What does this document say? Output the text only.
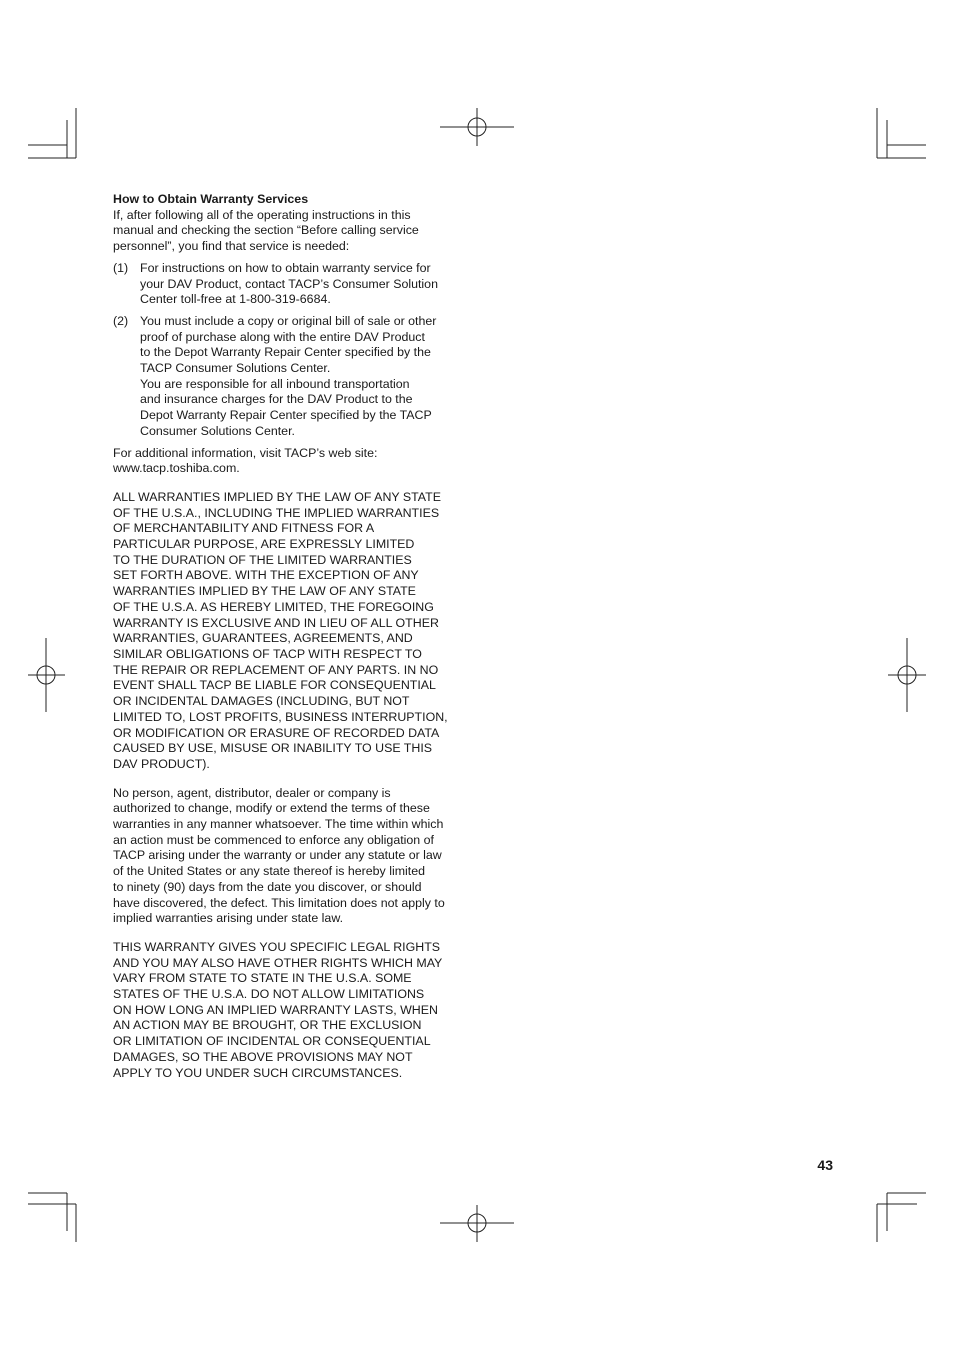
How to Obtain Warranty Services

If, after following all of the operating instructions in this
manual and checking the section “Before calling service
personnel”, you find that service is needed:

(1) For instructions on how to obtain warranty service for
your DAV Product, contact TACP’s Consumer Solution
Center toll-free at 1-800-319-6684.

(2) You must include a copy or original bill of sale or other
proof of purchase along with the entire DAV Product
to the Depot Warranty Repair Center specified by the
TACP Consumer Solutions Center.

You are responsible for all inbound transportation
and insurance charges for the DAV Product to the
Depot Warranty Repair Center specified by the TACP
Consumer Solutions Center.

For additional information, visit TACP’s web site:
www.tacp.toshiba.com.

ALL WARRANTIES IMPLIED BY THE LAW OF ANY STATE
OF THE U.S.A., INCLUDING THE IMPLIED WARRANTIES
OF MERCHANTABILITY AND FITNESS FOR A
PARTICULAR PURPOSE, ARE EXPRESSLY LIMITED
TO THE DURATION OF THE LIMITED WARRANTIES
SET FORTH ABOVE. WITH THE EXCEPTION OF ANY
WARRANTIES IMPLIED BY THE LAW OF ANY STATE
OF THE U.S.A. AS HEREBY LIMITED, THE FOREGOING
WARRANTY IS EXCLUSIVE AND IN LIEU OF ALL OTHER
WARRANTIES, GUARANTEES, AGREEMENTS, AND
SIMILAR OBLIGATIONS OF TACP WITH RESPECT TO
THE REPAIR OR REPLACEMENT OF ANY PARTS. IN NO
EVENT SHALL TACP BE LIABLE FOR CONSEQUENTIAL
OR INCIDENTAL DAMAGES (INCLUDING, BUT NOT
LIMITED TO, LOST PROFITS, BUSINESS INTERRUPTION,
OR MODIFICATION OR ERASURE OF RECORDED DATA
CAUSED BY USE, MISUSE OR INABILITY TO USE THIS
DAV PRODUCT).

No person, agent, distributor, dealer or company is
authorized to change, modify or extend the terms of these
warranties in any manner whatsoever. The time within which
an action must be commenced to enforce any obligation of
TACP arising under the warranty or under any statute or law
of the United States or any state thereof is hereby limited
to ninety (90) days from the date you discover, or should
have discovered, the defect. This limitation does not apply to
implied warranties arising under state law.

THIS WARRANTY GIVES YOU SPECIFIC LEGAL RIGHTS
AND YOU MAY ALSO HAVE OTHER RIGHTS WHICH MAY
VARY FROM STATE TO STATE IN THE U.S.A. SOME
STATES OF THE U.S.A. DO NOT ALLOW LIMITATIONS
ON HOW LONG AN IMPLIED WARRANTY LASTS, WHEN
AN ACTION MAY BE BROUGHT, OR THE EXCLUSION
OR LIMITATION OF INCIDENTAL OR CONSEQUENTIAL
DAMAGES, SO THE ABOVE PROVISIONS MAY NOT
APPLY TO YOU UNDER SUCH CIRCUMSTANCES.

43
